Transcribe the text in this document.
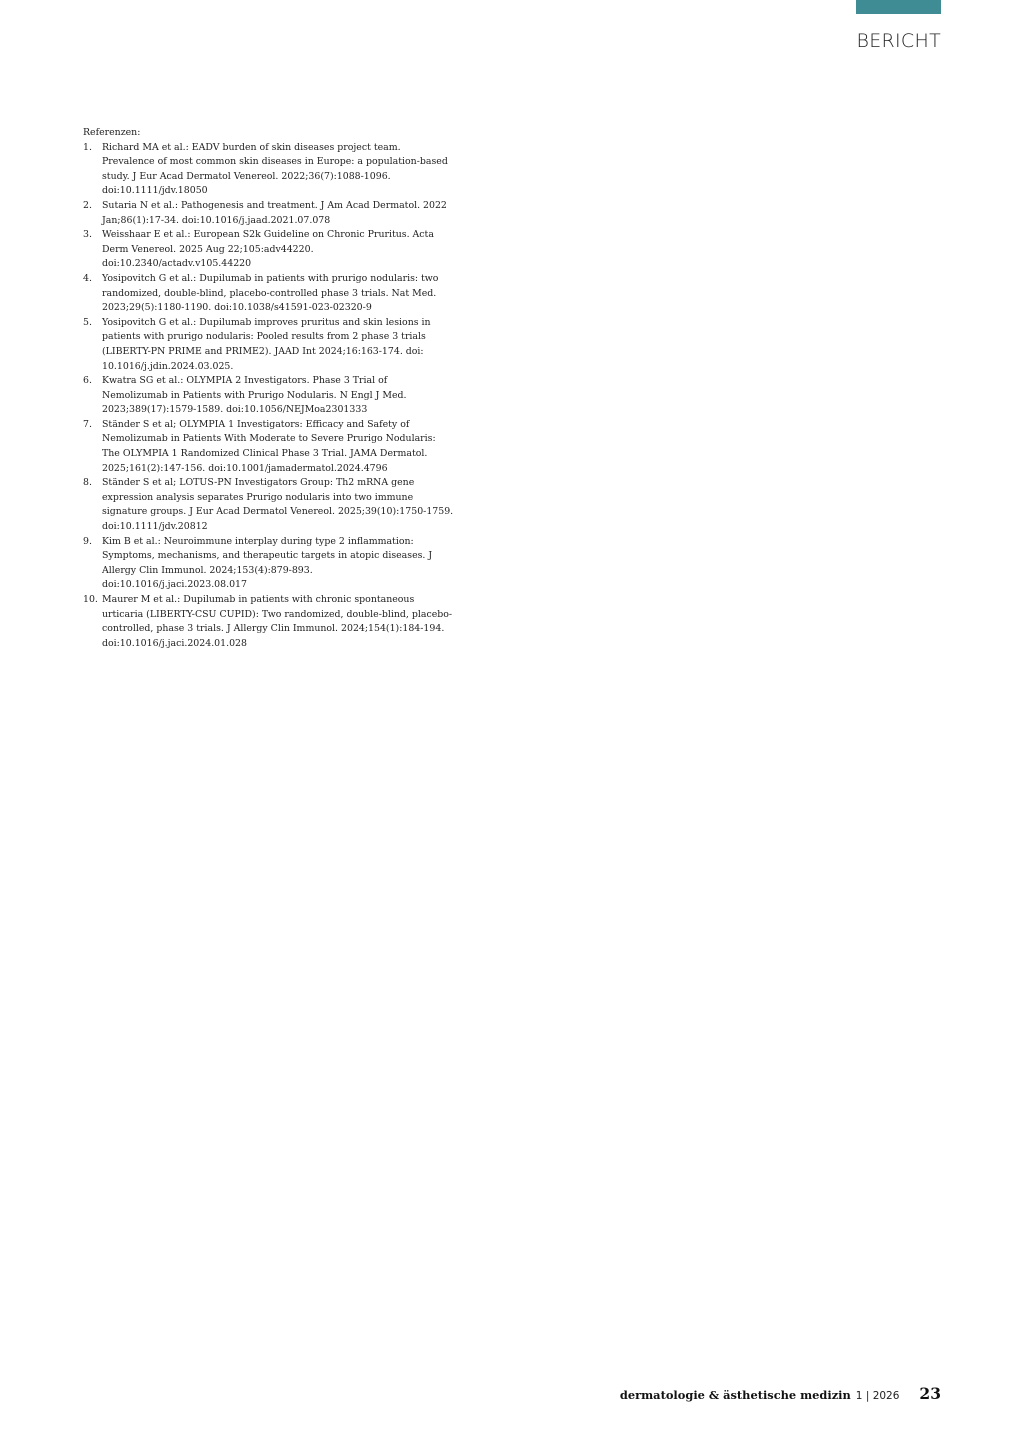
BERICHT

Referenzen:

1. Richard MA et al.: EADV burden of skin diseases project team. Prevalence of most common skin diseases in Europe: a population-based study. J Eur Acad Dermatol Venereol. 2022;36(7):1088-1096. doi:10.1111/jdv.18050
2. Sutaria N et al.: Pathogenesis and treatment. J Am Acad Dermatol. 2022 Jan;86(1):17-34. doi:10.1016/j.jaad.2021.07.078
3. Weisshaar E et al.: European S2k Guideline on Chronic Pruritus. Acta Derm Venereol. 2025 Aug 22;105:adv44220. doi:10.2340/actadv.v105.44220
4. Yosipovitch G et al.: Dupilumab in patients with prurigo nodularis: two randomized, double-blind, placebo-controlled phase 3 trials. Nat Med. 2023;29(5):1180-1190. doi:10.1038/s41591-023-02320-9
5. Yosipovitch G et al.: Dupilumab improves pruritus and skin lesions in patients with prurigo nodularis: Pooled results from 2 phase 3 trials (LIBERTY-PN PRIME and PRIME2). JAAD Int 2024;16:163-174. doi: 10.1016/j.jdin.2024.03.025.
6. Kwatra SG et al.: OLYMPIA 2 Investigators. Phase 3 Trial of Nemolizumab in Patients with Prurigo Nodularis. N Engl J Med. 2023;389(17):1579-1589. doi:10.1056/NEJMoa2301333
7. Ständer S et al; OLYMPIA 1 Investigators: Efficacy and Safety of Nemolizumab in Patients With Moderate to Severe Prurigo Nodularis: The OLYMPIA 1 Randomized Clinical Phase 3 Trial. JAMA Dermatol. 2025;161(2):147-156. doi:10.1001/jamadermatol.2024.4796
8. Ständer S et al; LOTUS-PN Investigators Group: Th2 mRNA gene expression analysis separates Prurigo nodularis into two immune signature groups. J Eur Acad Dermatol Venereol. 2025;39(10):1750-1759. doi:10.1111/jdv.20812
9. Kim B et al.: Neuroimmune interplay during type 2 inflammation: Symptoms, mechanisms, and therapeutic targets in atopic diseases. J Allergy Clin Immunol. 2024;153(4):879-893. doi:10.1016/j.jaci.2023.08.017
10. Maurer M et al.: Dupilumab in patients with chronic spontaneous urticaria (LIBERTY-CSU CUPID): Two randomized, double-blind, placebo-controlled, phase 3 trials. J Allergy Clin Immunol. 2024;154(1):184-194. doi:10.1016/j.jaci.2024.01.028
dermatologie & ästhetische medizin 1 | 2026 23
